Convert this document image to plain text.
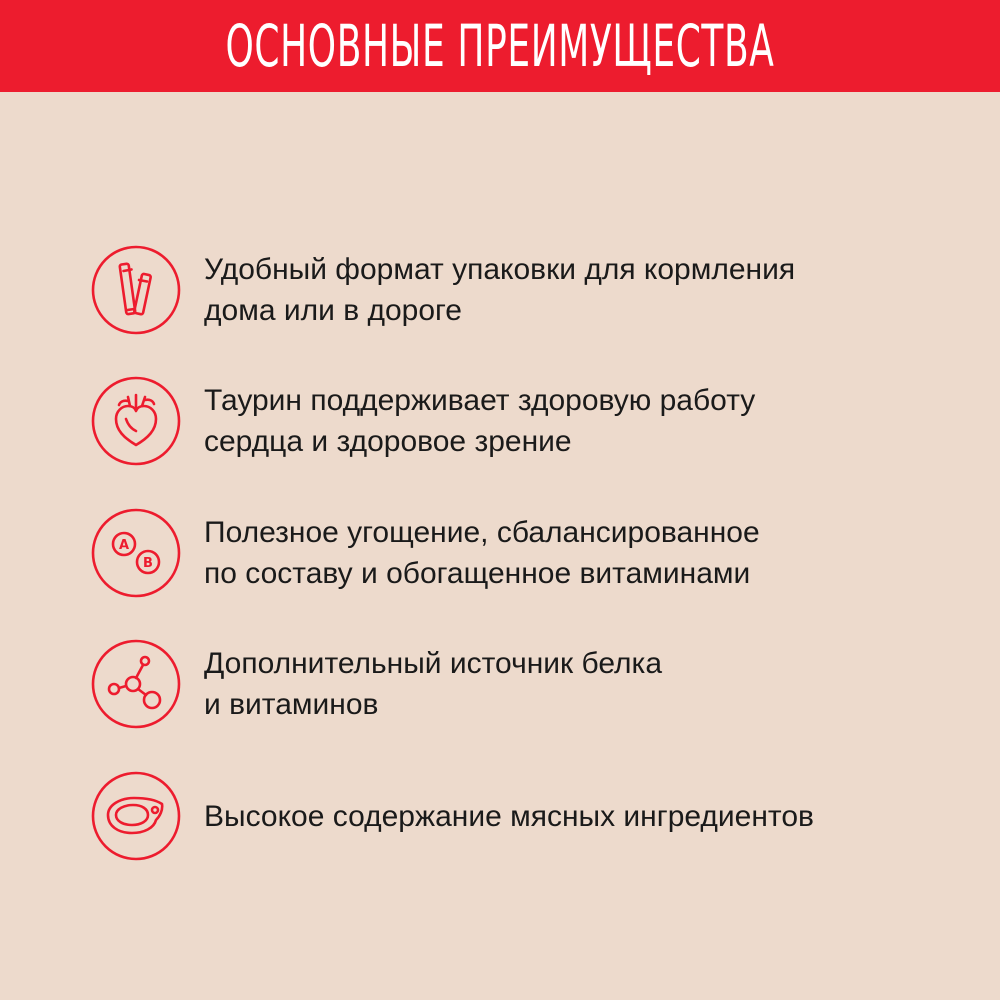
ОСНОВНЫЕ ПРЕИМУЩЕСТВА
Удобный формат упаковки для кормления
дома или в дороге
Таурин поддерживает здоровую работу
сердца и здоровое зрение
A
B
Полезное угощение, сбалансированное
по составу и обогащенное витаминами
Дополнительный источник белка
и витаминов
Высокое содержание мясных ингредиентов
